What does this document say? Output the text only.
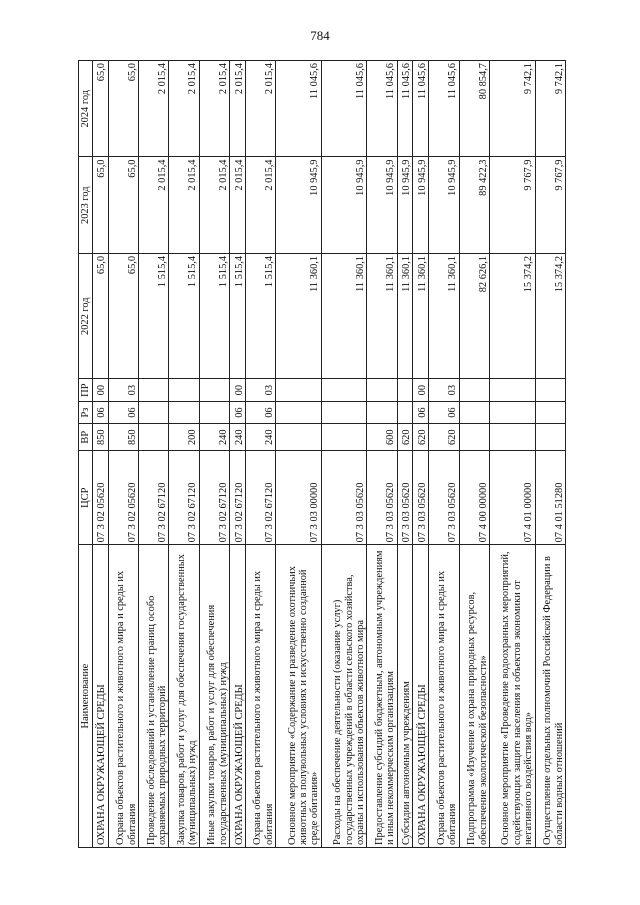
784
Наименование	ЦСР	ВР	Рз	ПР	2022 год	2023 год	2024 год
ОХРАНА ОКРУЖАЮЩЕЙ СРЕДЫ	07 3 02 05620	850	06	00	65,0	65,0	65,0
Охрана объектов растительного и животного мира и среды их обитания	07 3 02 05620	850	06	03	65,0	65,0	65,0
Проведение обследований и установление границ особо охраняемых природных территорий	07 3 02 67120				1 515,4	2 015,4	2 015,4
Закупка товаров, работ и услуг для обеспечения государственных (муниципальных) нужд	07 3 02 67120	200			1 515,4	2 015,4	2 015,4
Иные закупки товаров, работ и услуг для обеспечения государственных (муниципальных) нужд	07 3 02 67120	240			1 515,4	2 015,4	2 015,4
ОХРАНА ОКРУЖАЮЩЕЙ СРЕДЫ	07 3 02 67120	240	06	00	1 515,4	2 015,4	2 015,4
Охрана объектов растительного и животного мира и среды их обитания	07 3 02 67120	240	06	03	1 515,4	2 015,4	2 015,4
Основное мероприятие «Содержание и разведение охотничьих животных в полувольных условиях и искусственно созданной среде обитания»	07 3 03 00000				11 360,1	10 945,9	11 045,6
Расходы на обеспечение деятельности (оказание услуг) государственных учреждений в области сельского хозяйства, охраны и использования объектов животного мира	07 3 03 05620				11 360,1	10 945,9	11 045,6
Предоставление субсидий бюджетным, автономным учреждениям и иным некоммерческим организациям	07 3 03 05620	600			11 360,1	10 945,9	11 045,6
Субсидии автономным учреждениям	07 3 03 05620	620			11 360,1	10 945,9	11 045,6
ОХРАНА ОКРУЖАЮЩЕЙ СРЕДЫ	07 3 03 05620	620	06	00	11 360,1	10 945,9	11 045,6
Охрана объектов растительного и животного мира и среды их обитания	07 3 03 05620	620	06	03	11 360,1	10 945,9	11 045,6
Подпрограмма «Изучение и охрана природных ресурсов, обеспечение экологической безопасности»	07 4 00 00000				82 626,1	89 422,3	80 854,7
Основное мероприятие «Проведение водоохранных мероприятий, содействующих защите населения и объектов экономики от негативного воздействия вод»	07 4 01 00000				15 374,2	9 767,9	9 742,1
Осуществление отдельных полномочий Российской Федерации в области водных отношений	07 4 01 51280				15 374,2	9 767,9	9 742,1
